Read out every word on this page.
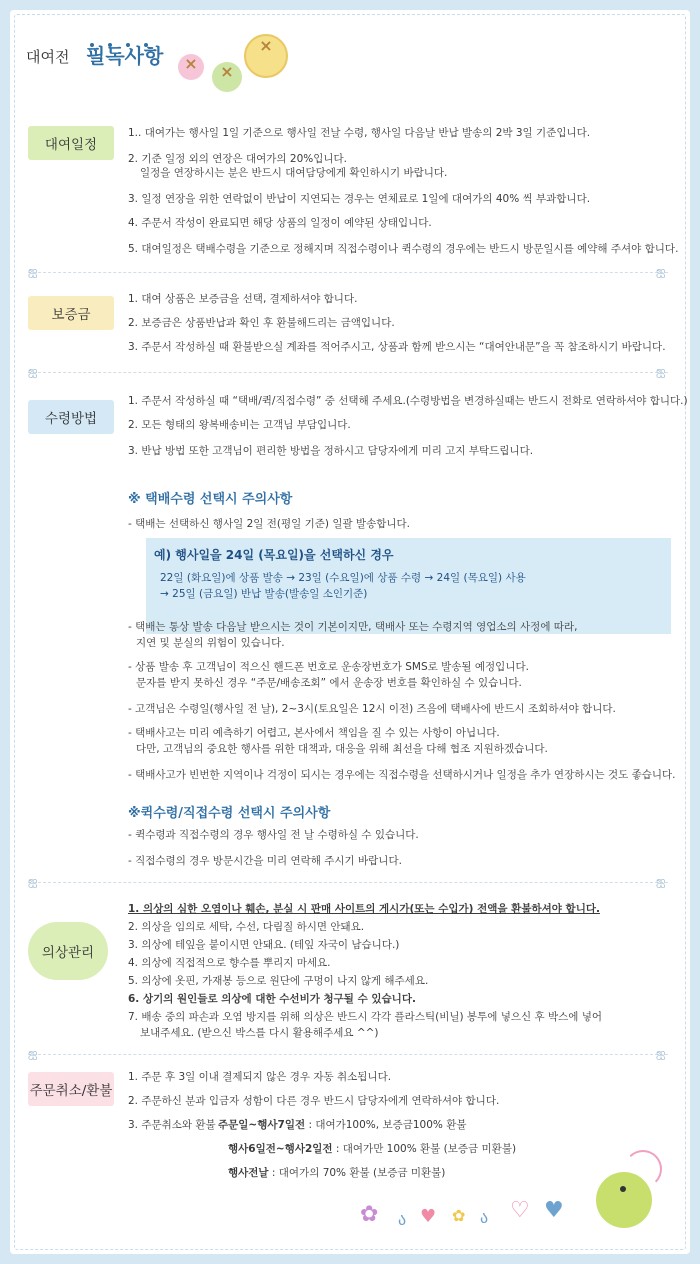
대여전 필독사항
×
×
×
대여일정
1.. 대여가는 행사일 1일 기준으로 행사일 전날 수령, 행사일 다음날 반납 발송의 2박 3일 기준입니다.
2. 기준 일정 외의 연장은 대여가의 20%입니다.
일정을 연장하시는 분은 반드시 대여담당에게 확인하시기 바랍니다.
3. 일정 연장을 위한 연락없이 반납이 지연되는 경우는 연체료로 1일에 대여가의 40% 씩 부과합니다.
4. 주문서 작성이 완료되면 해당 상품의 일정이 예약된 상태입니다.
5. 대여일정은 택배수령을 기준으로 정해지며 직접수령이나 퀵수령의 경우에는 반드시 방문일시를 예약해 주셔야 합니다.
ஐ	ஐ
보증금
1. 대여 상품은 보증금을 선택, 결제하셔야 합니다.
2. 보증금은 상품반납과 확인 후 환불해드리는 금액입니다.
3. 주문서 작성하실 때 환불받으실 계좌를 적어주시고, 상품과 함께 받으시는 “대여안내문”을 꼭 참조하시기 바랍니다.
ஐ	ஐ
수령방법
1. 주문서 작성하실 때 “택배/퀵/직접수령” 중 선택해 주세요.(수령방법을 변경하실때는 반드시 전화로 연락하셔야 합니다.)
2. 모든 형태의 왕복배송비는 고객님 부담입니다.
3. 반납 방법 또한 고객님이 편리한 방법을 정하시고 담당자에게 미리 고지 부탁드립니다.
※ 택배수령 선택시 주의사항
- 택배는 선택하신 행사일 2일 전(평일 기준) 일괄 발송합니다.
예) 행사일을 24일 (목요일)을 선택하신 경우
22일 (화요일)에 상품 발송 → 23일 (수요일)에 상품 수령 → 24일 (목요일) 사용
→ 25일 (금요일) 반납 발송(발송일 소인기준)
- 택배는 통상 발송 다음날 받으시는 것이 기본이지만, 택배사 또는 수령지역 영업소의 사정에 따라,
지연 및 분실의 위험이 있습니다.
- 상품 발송 후 고객님이 적으신 핸드폰 번호로 운송장번호가 SMS로 발송될 예정입니다.
문자를 받지 못하신 경우 “주문/배송조회” 에서 운송장 번호를 확인하실 수 있습니다.
- 고객님은 수령일(행사일 전 날), 2~3시(토요일은 12시 이전) 즈음에 택배사에 반드시 조회하셔야 합니다.
- 택배사고는 미리 예측하기 어렵고, 본사에서 책임을 질 수 있는 사항이 아닙니다.
다만, 고객님의 중요한 행사를 위한 대책과, 대응을 위해 최선을 다해 협조 지원하겠습니다.
- 택배사고가 빈번한 지역이나 걱정이 되시는 경우에는 직접수령을 선택하시거나 일정을 추가 연장하시는 것도 좋습니다.
※퀵수령/직접수령 선택시 주의사항
- 퀵수령과 직접수령의 경우 행사일 전 날 수령하실 수 있습니다.
- 직접수령의 경우 방문시간을 미리 연락해 주시기 바랍니다.
ஐ	ஐ
의상관리
1. 의상의 심한 오염이나 훼손, 분실 시 판매 사이트의 게시가(또는 수입가) 전액을 환불하셔야 합니다.
2. 의상을 임의로 세탁, 수선, 다림질 하시면 안돼요.
3. 의상에 테잎을 붙이시면 안돼요. (테잎 자국이 남습니다.)
4. 의상에 직접적으로 향수를 뿌리지 마세요.
5. 의상에 옷핀, 가재봉 등으로 원단에 구멍이 나지 않게 해주세요.
6. 상기의 원인들로 의상에 대한 수선비가 청구될 수 있습니다.
7. 배송 중의 파손과 오염 방지를 위해 의상은 반드시 각각 플라스틱(비닐) 봉투에 넣으신 후 박스에 넣어
보내주세요. (받으신 박스를 다시 활용해주세요 ^^)
ஐ	ஐ
주문취소/환불
1. 주문 후 3일 이내 결제되지 않은 경우 자동 취소됩니다.
2. 주문하신 분과 입금자 성함이 다른 경우 반드시 담당자에게 연락하셔야 합니다.
3. 주문취소와 환불 :
주문일~행사7일전 : 대여가100%, 보증금100% 환불
행사6일전~행사2일전 : 대여가만 100% 환불 (보증금 미환불)
행사전날 : 대여가의 70% 환불 (보증금 미환불)
✿ ა ♥ ✿ ა ♡ ♥
